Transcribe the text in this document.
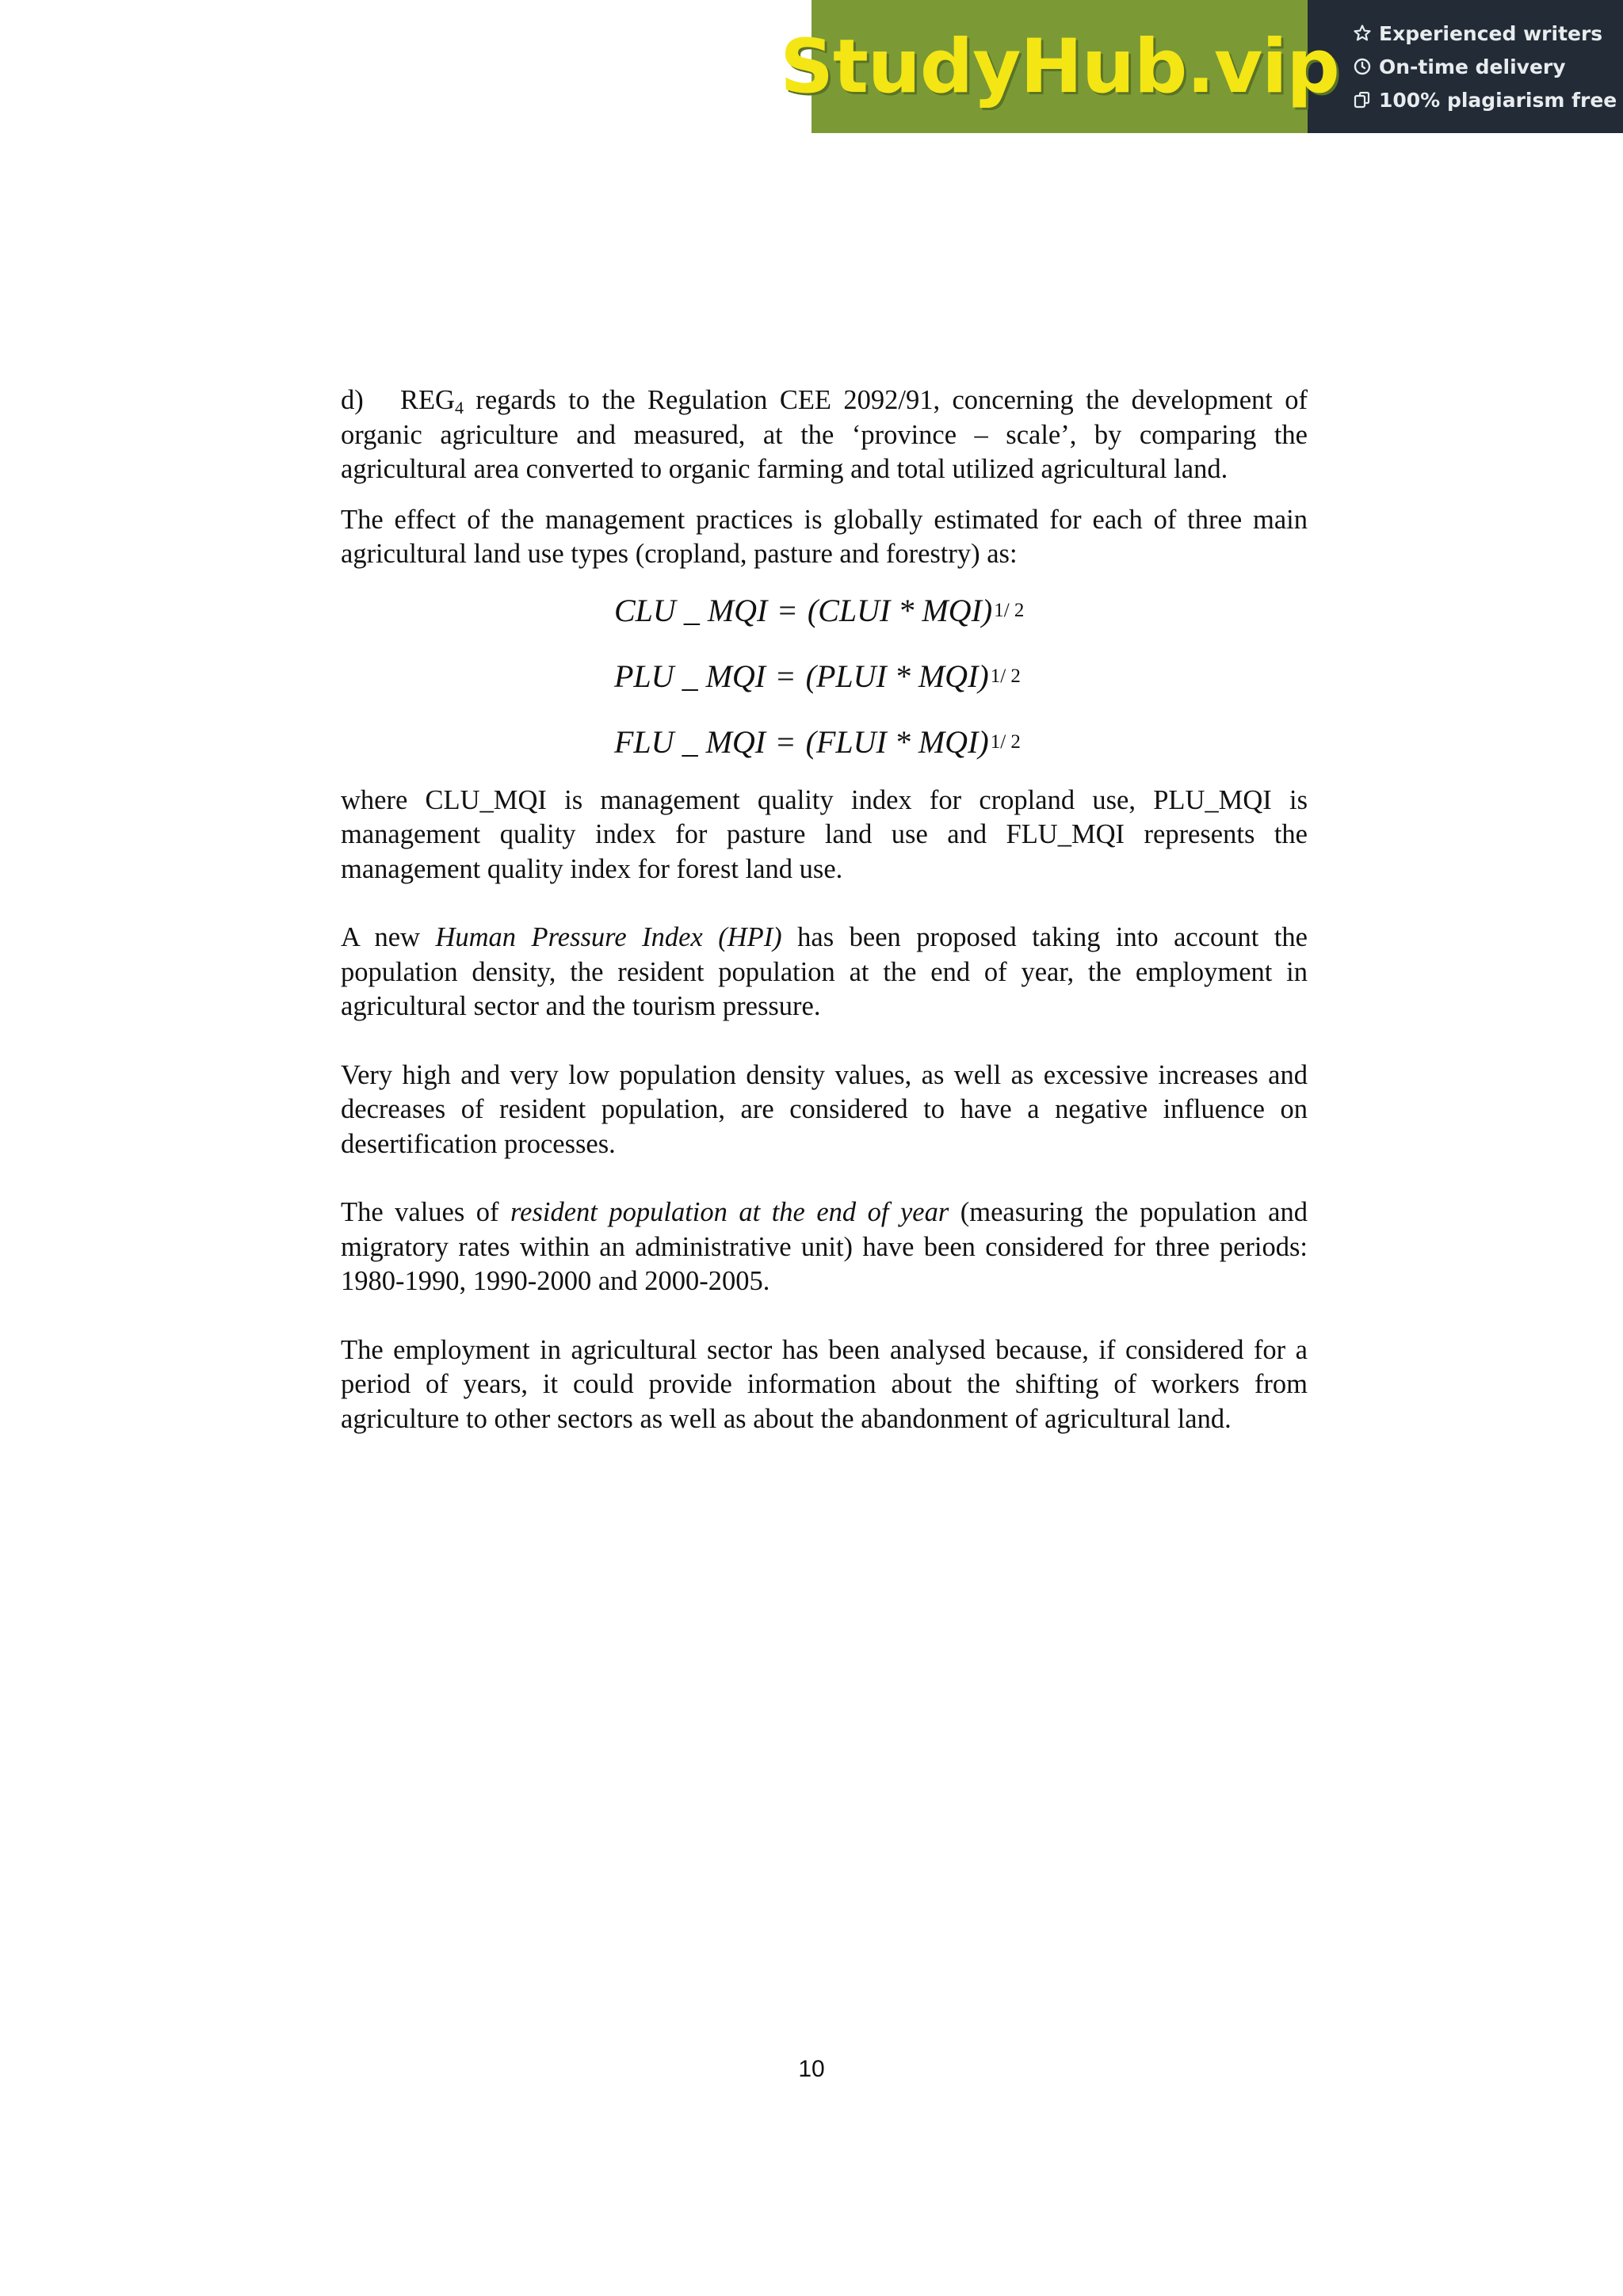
StudyHub.vip Experienced writers
On-time delivery
100% plagiarism free

d) $REG_4$ regards to the Regulation CEE 2092/91, concerning the development of organic agriculture and measured, at the ‘province – scale’, by comparing the agricultural area converted to organic farming and total utilized agricultural land.

The effect of the management practices is globally estimated for each of three main agricultural land use types (cropland, pasture and forestry) as:

CLU _ MQI = (CLUI * MQI) 1/ 2
PLU _ MQI = (PLUI * MQI) 1/ 2
FLU _ MQI = (FLUI * MQI) 1/ 2

where CLU_MQI is management quality index for cropland use, PLU_MQI is management quality index for pasture land use and FLU_MQI represents the management quality index for forest land use.

A new Human Pressure Index (HPI) has been proposed taking into account the population density, the resident population at the end of year, the employment in agricultural sector and the tourism pressure.

Very high and very low population density values, as well as excessive increases and decreases of resident population, are considered to have a negative influence on desertification processes.

The values of resident population at the end of year (measuring the population and migratory rates within an administrative unit) have been considered for three periods: 1980-1990, 1990-2000 and 2000-2005.

The employment in agricultural sector has been analysed because, if considered for a period of years, it could provide information about the shifting of workers from agriculture to other sectors as well as about the abandonment of agricultural land.

10
